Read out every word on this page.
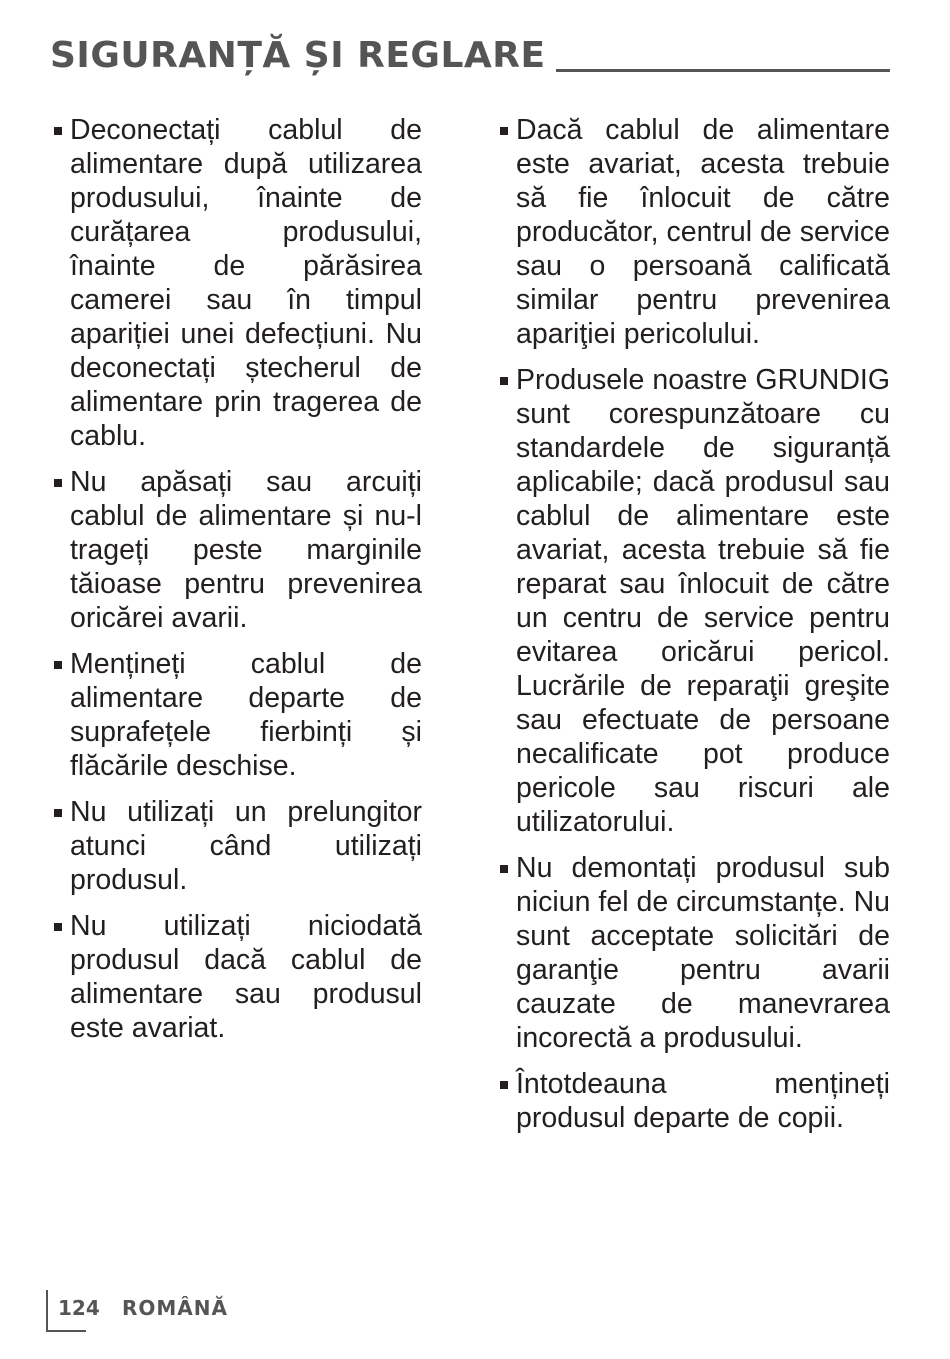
SIGURANȚĂ ȘI REGLARE

Deconectați cablul de alimentare după utilizarea produsului, înainte de curățarea produsului, înainte de părăsirea camerei sau în timpul apariției unei defecțiuni. Nu deconectați ștecherul de alimentare prin tragerea de cablu.

Nu apăsați sau arcuiți cablul de alimentare și nu-l trageți peste marginile tăioase pentru prevenirea oricărei avarii.

Mențineți cablul de alimentare departe de suprafețele fierbinți și flăcările deschise.

Nu utilizați un prelungitor atunci când utilizați produsul.

Nu utilizați niciodată produsul dacă cablul de alimentare sau produsul este avariat.

Dacă cablul de alimentare este avariat, acesta trebuie să fie înlocuit de către producător, centrul de service sau o persoană calificată similar pentru prevenirea apariţiei pericolului.

Produsele noastre GRUNDIG sunt corespunzătoare cu standardele de siguranță aplicabile; dacă produsul sau cablul de alimentare este avariat, acesta trebuie să fie reparat sau înlocuit de către un centru de service pentru evitarea oricărui pericol. Lucrările de reparaţii greşite sau efectuate de persoane necalificate pot produce pericole sau riscuri ale utilizatorului.

Nu demontați produsul sub niciun fel de circumstanțe. Nu sunt acceptate solicitări de garanţie pentru avarii cauzate de manevrarea incorectă a produsului.

Întotdeauna mențineți produsul departe de copii.

124 ROMÂNĂ
